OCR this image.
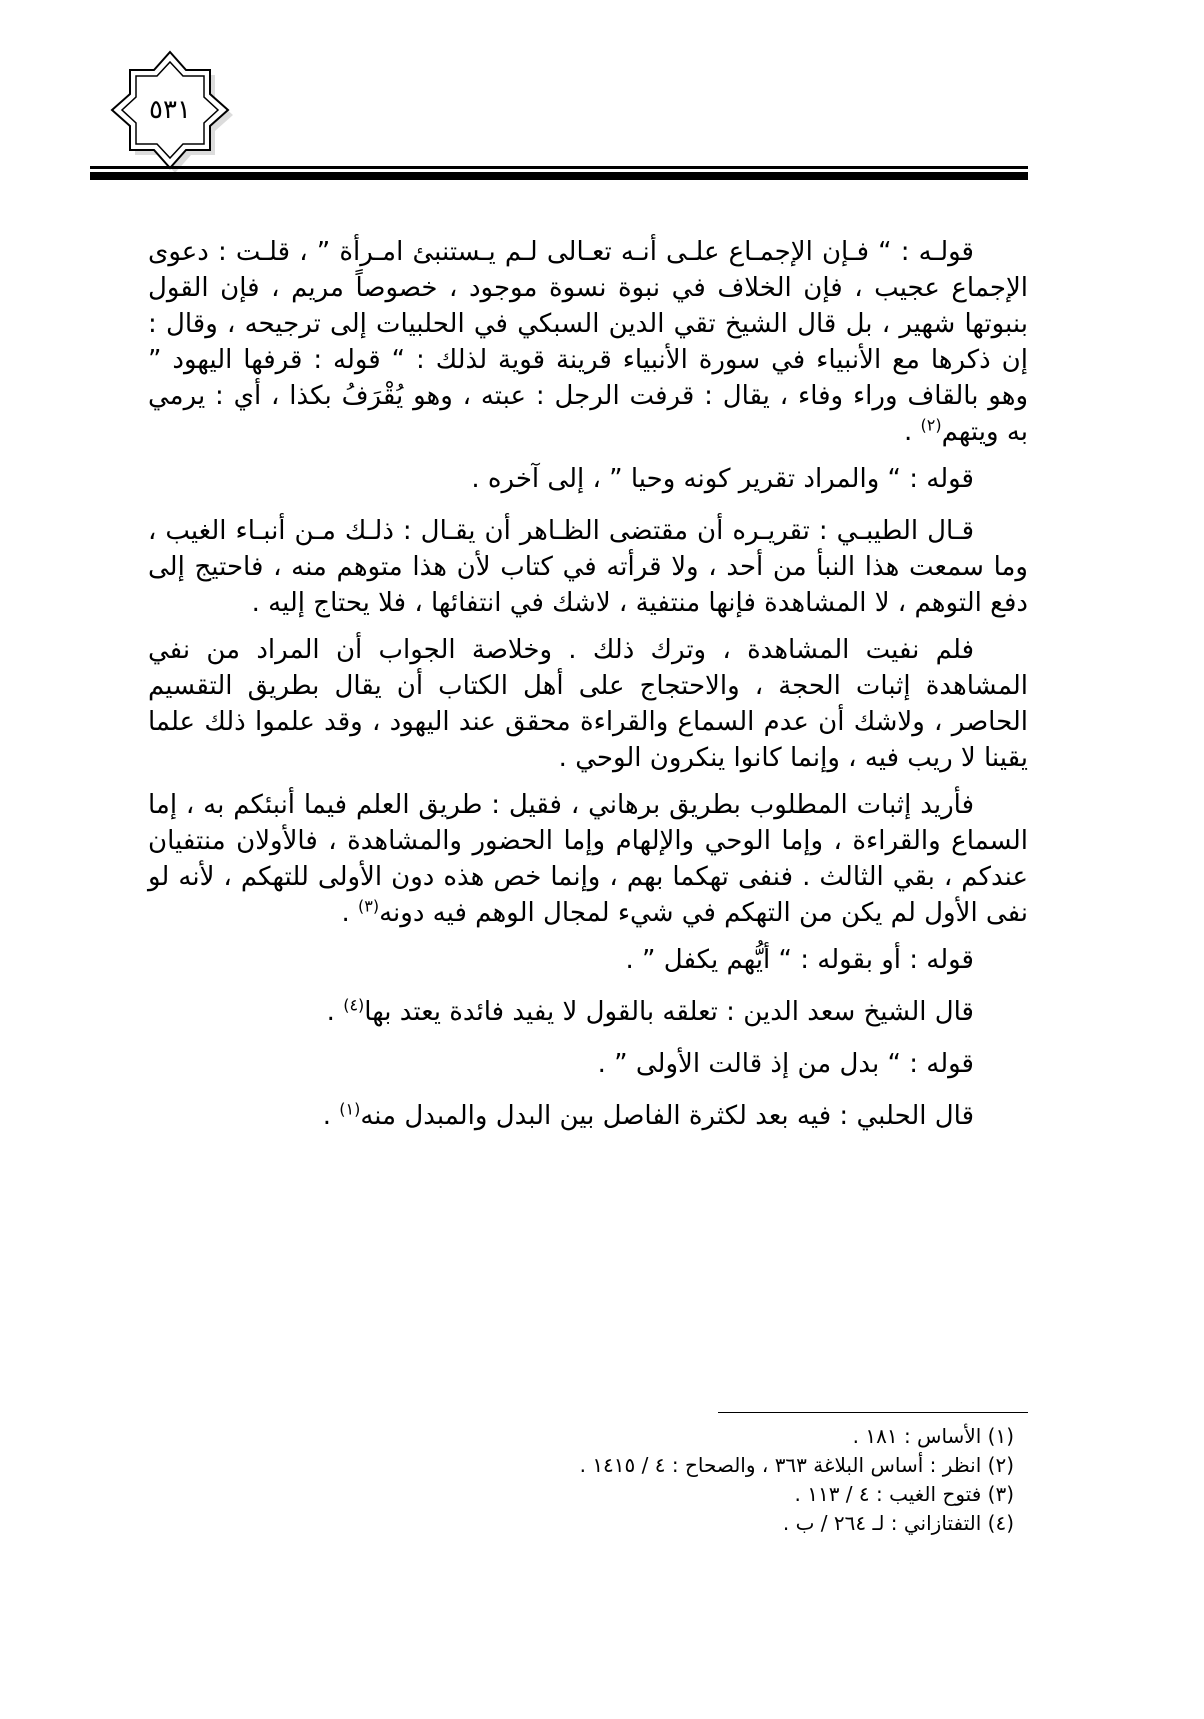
٥٣١

قولـه : “ فـإن الإجمـاع علـى أنـه تعـالى لـم يـستنبئ امـرأة ” ، قلـت : دعوى الإجماع عجيب ، فإن الخلاف في نبوة نسوة موجود ، خصوصاً مريم ، فإن القول بنبوتها شهير ، بل قال الشيخ تقي الدين السبكي في الحلبيات إلى ترجيحه ، وقال : إن ذكرها مع الأنبياء في سورة الأنبياء قرينة قوية لذلك : “ قوله : قرفها اليهود ” وهو بالقاف وراء وفاء ، يقال : قرفت الرجل : عبته ، وهو يُقْرَفُ بكذا ، أي : يرمي به ويتهم$^{(٢)}$ .

قوله : “ والمراد تقرير كونه وحيا ” ، إلى آخره .

قـال الطيبـي : تقريـره أن مقتضى الظـاهر أن يقـال : ذلـك مـن أنبـاء الغيب ، وما سمعت هذا النبأ من أحد ، ولا قرأته في كتاب لأن هذا متوهم منه ، فاحتيج إلى دفع التوهم ، لا المشاهدة فإنها منتفية ، لاشك في انتفائها ، فلا يحتاج إليه .

فلم نفيت المشاهدة ، وترك ذلك . وخلاصة الجواب أن المراد من نفي المشاهدة إثبات الحجة ، والاحتجاج على أهل الكتاب أن يقال بطريق التقسيم الحاصر ، ولاشك أن عدم السماع والقراءة محقق عند اليهود ، وقد علموا ذلك علما يقينا لا ريب فيه ، وإنما كانوا ينكرون الوحي .

فأريد إثبات المطلوب بطريق برهاني ، فقيل : طريق العلم فيما أنبئكم به ، إما السماع والقراءة ، وإما الوحي والإلهام وإما الحضور والمشاهدة ، فالأولان منتفيان عندكم ، بقي الثالث . فنفى تهكما بهم ، وإنما خص هذه دون الأولى للتهكم ، لأنه لو نفى الأول لم يكن من التهكم في شيء لمجال الوهم فيه دونه$^{(٣)}$ .

قوله : أو بقوله : “ أيُّهم يكفل ” .

قال الشيخ سعد الدين : تعلقه بالقول لا يفيد فائدة يعتد بها$^{(٤)}$ .

قوله : “ بدل من إذ قالت الأولى ” .

قال الحلبي : فيه بعد لكثرة الفاصل بين البدل والمبدل منه$^{(١)}$ .

(١) الأساس : ١٨١ .
(٢) انظر : أساس البلاغة ٣٦٣ ، والصحاح : ٤ / ١٤١٥ .
(٣) فتوح الغيب : ٤ / ١١٣ .
(٤) التفتازاني : لـ ٢٦٤ / ب .
